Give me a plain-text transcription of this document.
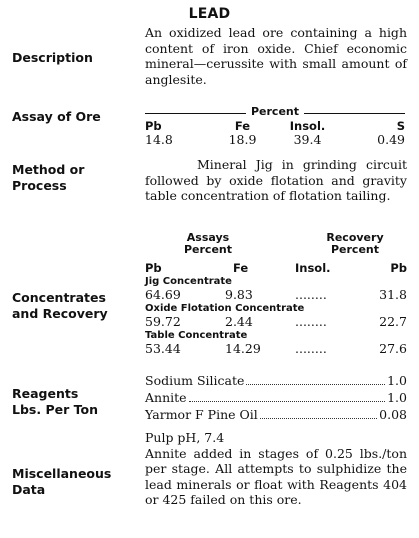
LEAD
Description
An oxidized lead ore containing a high content of iron oxide. Chief economic mineral—cerussite with small amount of anglesite.
Assay of Ore	Percent
Pb	Fe	Insol.	S
14.8	18.9	39.4	0.49
Method or
Process
Mineral Jig in grinding circuit followed by oxide flotation and gravity table concentration of flotation tailing.
Concentrates
and Recovery
Assays
Percent
Recovery
Percent
Pb	Fe	Insol.	Pb
Jig Concentrate
64.69	9.83	........	31.8
Oxide Flotation Concentrate
59.72	2.44	........	22.7
Table Concentrate
53.44	14.29	........	27.6
Reagents
Lbs. Per Ton
Sodium Silicate	1.0
Annite	1.0
Yarmor F Pine Oil	0.08
Miscellaneous
Data
Pulp pH, 7.4
Annite added in stages of 0.25 lbs./ton per stage. All attempts to sulphidize the lead minerals or float with Reagents 404 or 425 failed on this ore.
